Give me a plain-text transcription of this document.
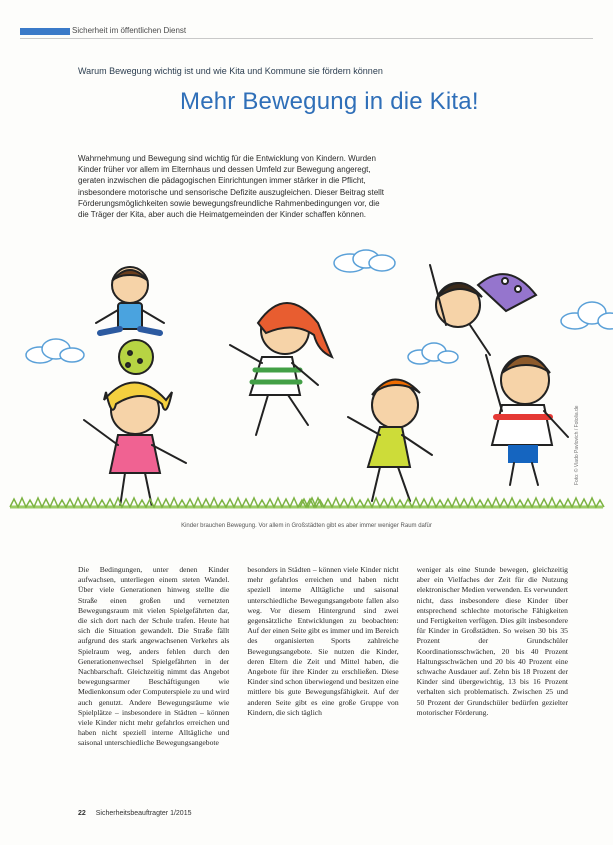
Sicherheit im öffentlichen Dienst
Warum Bewegung wichtig ist und wie Kita und Kommune sie fördern können
Mehr Bewegung in die Kita!
Wahrnehmung und Bewegung sind wichtig für die Entwicklung von Kindern. Wurden Kinder früher vor allem im Elternhaus und dessen Umfeld zur Bewegung angeregt, geraten inzwischen die pädagogischen Einrichtungen immer stärker in die Pflicht, insbesondere motorische und sensorische Defizite auszugleichen. Dieser Beitrag stellt Förderungsmöglichkeiten sowie bewegungsfreundliche Rahmenbedingungen vor, die die Träger der Kita, aber auch die Heimatgemeinden der Kinder schaffen können.
Kinder brauchen Bewegung. Vor allem in Großstädten gibt es aber immer weniger Raum dafür
Foto: © Vlado Pavlovich / Fotolia.de

Die Bedingungen, unter denen Kinder aufwachsen, unterliegen einem steten Wandel. Über viele Generationen hinweg stellte die Straße einen großen und vernetzten Bewegungsraum mit vielen Spielgefährten dar, die sich dort nach der Schule trafen. Heute hat sich die Situation gewandelt. Die Straße fällt aufgrund des stark angewachsenen Verkehrs als Spielraum weg, anders fehlen durch den Generationenwechsel Spielgefährten in der Nachbarschaft. Gleichzeitig nimmt das Angebot bewegungsarmer Beschäftigungen wie Medienkonsum oder Computerspiele zu und wird auch genutzt. Andere Bewegungsräume wie Spielplätze – insbesondere in Städten – können viele Kinder nicht mehr gefahrlos erreichen und haben nicht speziell interne Alltägliche und saisonal unterschiedliche Bewegungsangebote

besonders in Städten – können viele Kinder nicht mehr gefahrlos erreichen und haben nicht speziell interne Alltägliche und saisonal unterschiedliche Bewegungsangebote fallen also weg. Vor diesem Hintergrund sind zwei gegensätzliche Entwicklungen zu beobachten: Auf der einen Seite gibt es immer und im Bereich des organisierten Sports zahlreiche Bewegungsangebote. Sie nutzen die Kinder, deren Eltern die Zeit und Mittel haben, die Angebote für ihre Kinder zu erschließen. Diese Kinder sind schon überwiegend und besitzen eine mittlere bis gute Bewegungsfähigkeit. Auf der anderen Seite gibt es eine große Gruppe von Kindern, die sich täglich

weniger als eine Stunde bewegen, gleichzeitig aber ein Vielfaches der Zeit für die Nutzung elektronischer Medien verwenden. Es verwundert nicht, dass insbesondere diese Kinder über entsprechend schlechte motorische Fähigkeiten und Fertigkeiten verfügen. Dies gilt insbesondere für Kinder in Großstädten. So weisen 30 bis 35 Prozent der Grundschüler Koordinationsschwächen, 20 bis 40 Prozent Haltungsschwächen und 20 bis 40 Prozent eine schwache Ausdauer auf. Zehn bis 18 Prozent der Kinder sind übergewichtig, 13 bis 16 Prozent verhalten sich problematisch. Zwischen 25 und 50 Prozent der Grundschüler bedürfen gezielter motorischer Förderung.

22 Sicherheitsbeauftragter 1/2015
